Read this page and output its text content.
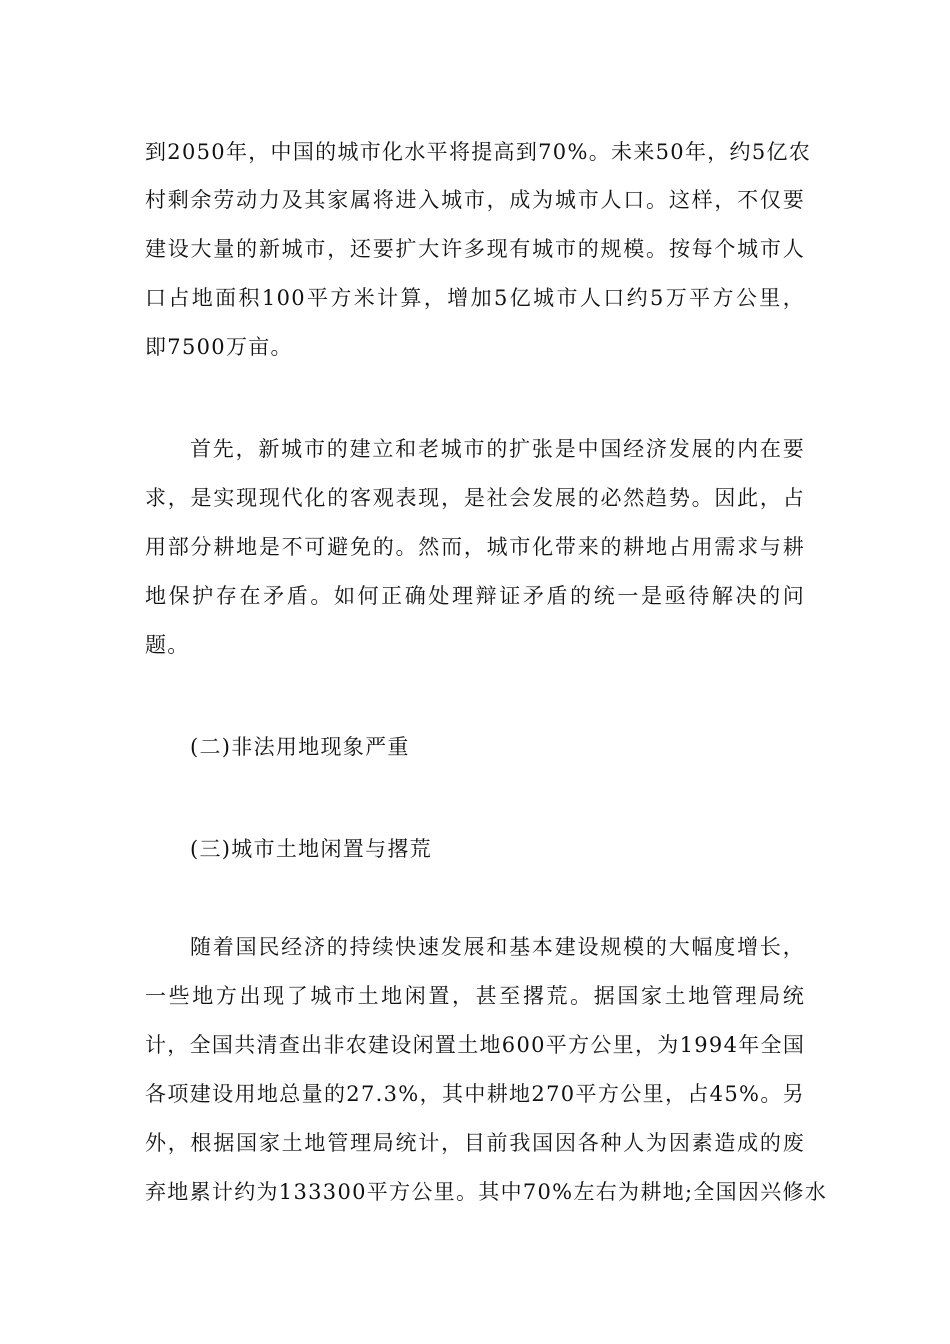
到2050年，中国的城市化水平将提高到70%。未来50年，约5亿农
村剩余劳动力及其家属将进入城市，成为城市人口。这样，不仅要
建设大量的新城市，还要扩大许多现有城市的规模。按每个城市人
口占地面积100平方米计算，增加5亿城市人口约5万平方公里，
即7500万亩。
首先，新城市的建立和老城市的扩张是中国经济发展的内在要
求，是实现现代化的客观表现，是社会发展的必然趋势。因此，占
用部分耕地是不可避免的。然而，城市化带来的耕地占用需求与耕
地保护存在矛盾。如何正确处理辩证矛盾的统一是亟待解决的问
题。
(二)非法用地现象严重
(三)城市土地闲置与撂荒
随着国民经济的持续快速发展和基本建设规模的大幅度增长，
一些地方出现了城市土地闲置，甚至撂荒。据国家土地管理局统
计，全国共清查出非农建设闲置土地600平方公里，为1994年全国
各项建设用地总量的27.3%，其中耕地270平方公里，占45%。另
外，根据国家土地管理局统计，目前我国因各种人为因素造成的废
弃地累计约为133300平方公里。其中70%左右为耕地;全国因兴修水
